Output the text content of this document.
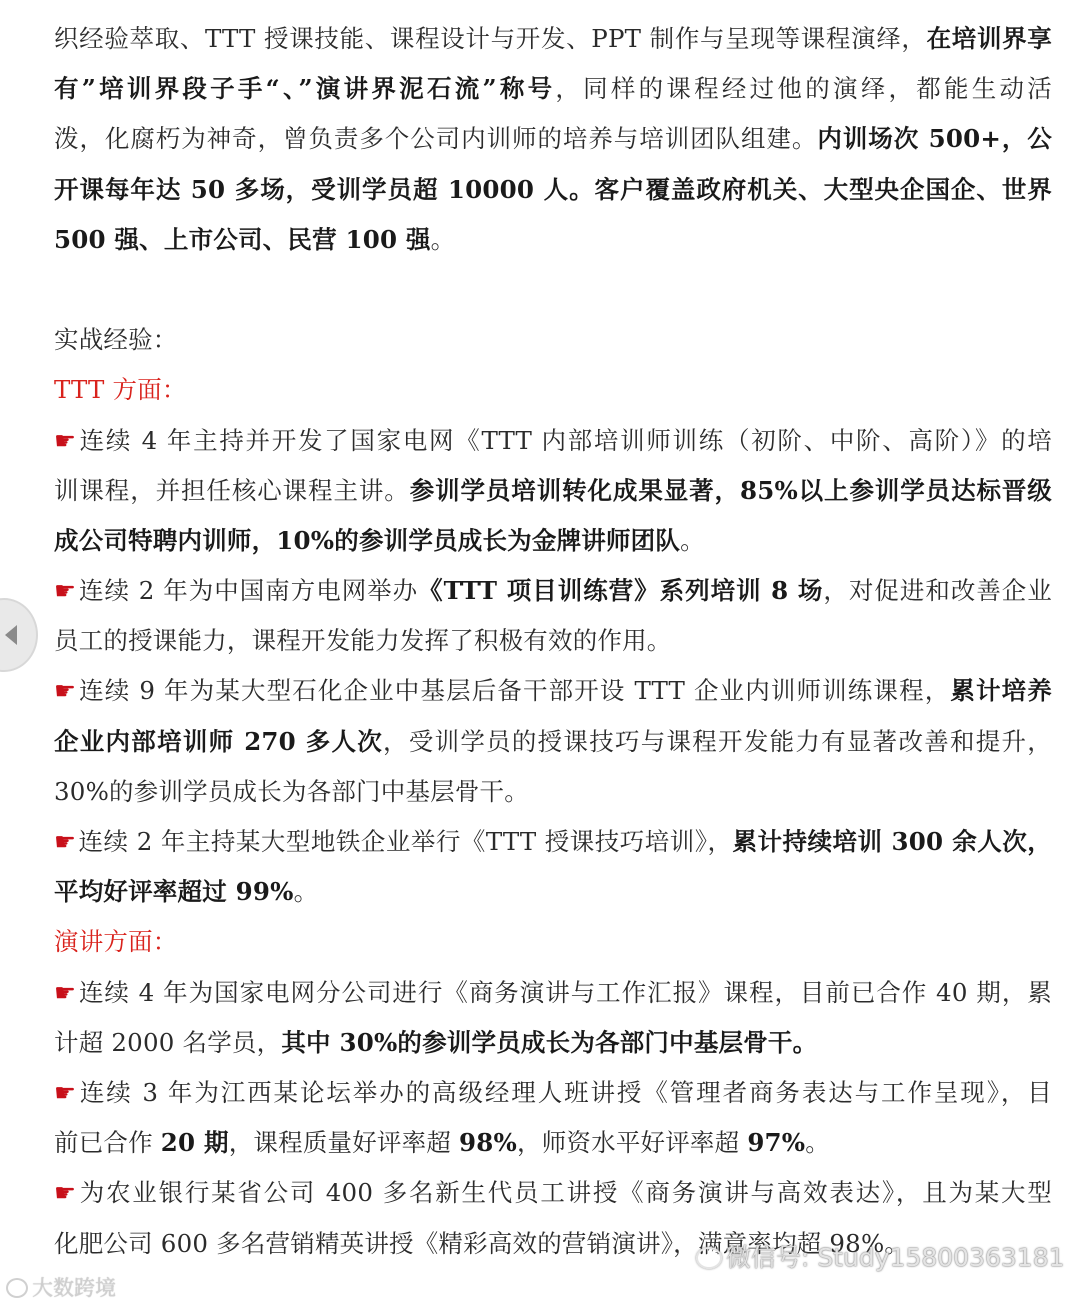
织经验萃取、TTT 授课技能、课程设计与开发、PPT 制作与呈现等课程演绎，在培训界享
有”培训界段子手“、”演讲界泥石流”称号，同样的课程经过他的演绎，都能生动活
泼，化腐朽为神奇，曾负责多个公司内训师的培养与培训团队组建。内训场次 500+，公
开课每年达 50 多场，受训学员超 10000 人。客户覆盖政府机关、大型央企国企、世界
500 强、上市公司、民营 100 强。
实战经验：
TTT 方面：
☛连续 4 年主持并开发了国家电网《TTT 内部培训师训练（初阶、中阶、高阶）》的培
训课程，并担任核心课程主讲。参训学员培训转化成果显著，85%以上参训学员达标晋级
成公司特聘内训师，10%的参训学员成长为金牌讲师团队。
☛连续 2 年为中国南方电网举办《TTT 项目训练营》系列培训 8 场，对促进和改善企业
员工的授课能力，课程开发能力发挥了积极有效的作用。
☛连续 9 年为某大型石化企业中基层后备干部开设 TTT 企业内训师训练课程，累计培养
企业内部培训师 270 多人次，受训学员的授课技巧与课程开发能力有显著改善和提升，
30%的参训学员成长为各部门中基层骨干。
☛连续 2 年主持某大型地铁企业举行《TTT 授课技巧培训》，累计持续培训 300 余人次，
平均好评率超过 99%。
演讲方面：
☛连续 4 年为国家电网分公司进行《商务演讲与工作汇报》课程，目前已合作 40 期，累
计超 2000 名学员，其中 30%的参训学员成长为各部门中基层骨干。
☛连续 3 年为江西某论坛举办的高级经理人班讲授《管理者商务表达与工作呈现》，目
前已合作 20 期，课程质量好评率超 98%，师资水平好评率超 97%。
☛为农业银行某省公司 400 多名新生代员工讲授《商务演讲与高效表达》，且为某大型
化肥公司 600 多名营销精英讲授《精彩高效的营销演讲》，满意率均超 98%。
大数跨境
微信号: Study15800363181
